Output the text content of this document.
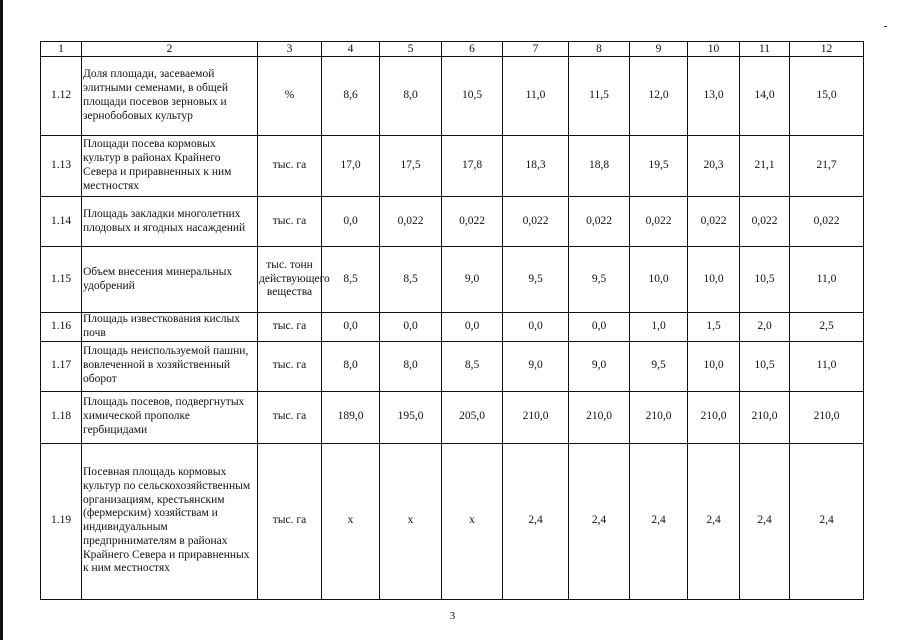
1	2	3	4	5	6	7	8	9	10	11	12
1.12	Доля площади, засеваемой элитными семенами, в общей площади посевов зерновых и зернобобовых культур	%	8,6	8,0	10,5	11,0	11,5	12,0	13,0	14,0	15,0
1.13	Площади посева кормовых культур в районах Крайнего Севера и приравненных к ним местностях	тыс. га	17,0	17,5	17,8	18,3	18,8	19,5	20,3	21,1	21,7
1.14	Площадь закладки многолетних плодовых и ягодных насаждений	тыс. га	0,0	0,022	0,022	0,022	0,022	0,022	0,022	0,022	0,022
1.15	Объем внесения минеральных удобрений	тыс. тонн действующего вещества	8,5	8,5	9,0	9,5	9,5	10,0	10,0	10,5	11,0
1.16	Площадь известкования кислых почв	тыс. га	0,0	0,0	0,0	0,0	0,0	1,0	1,5	2,0	2,5
1.17	Площадь неиспользуемой пашни, вовлеченной в хозяйственный оборот	тыс. га	8,0	8,0	8,5	9,0	9,0	9,5	10,0	10,5	11,0
1.18	Площадь посевов, подвергнутых химической прополке гербицидами	тыс. га	189,0	195,0	205,0	210,0	210,0	210,0	210,0	210,0	210,0
1.19	Посевная площадь кормовых культур по сельскохозяйственным организациям, крестьянским (фермерским) хозяйствам и индивидуальным предпринимателям в районах Крайнего Севера и приравненных к ним местностях	тыс. га	x	x	x	2,4	2,4	2,4	2,4	2,4	2,4
3
